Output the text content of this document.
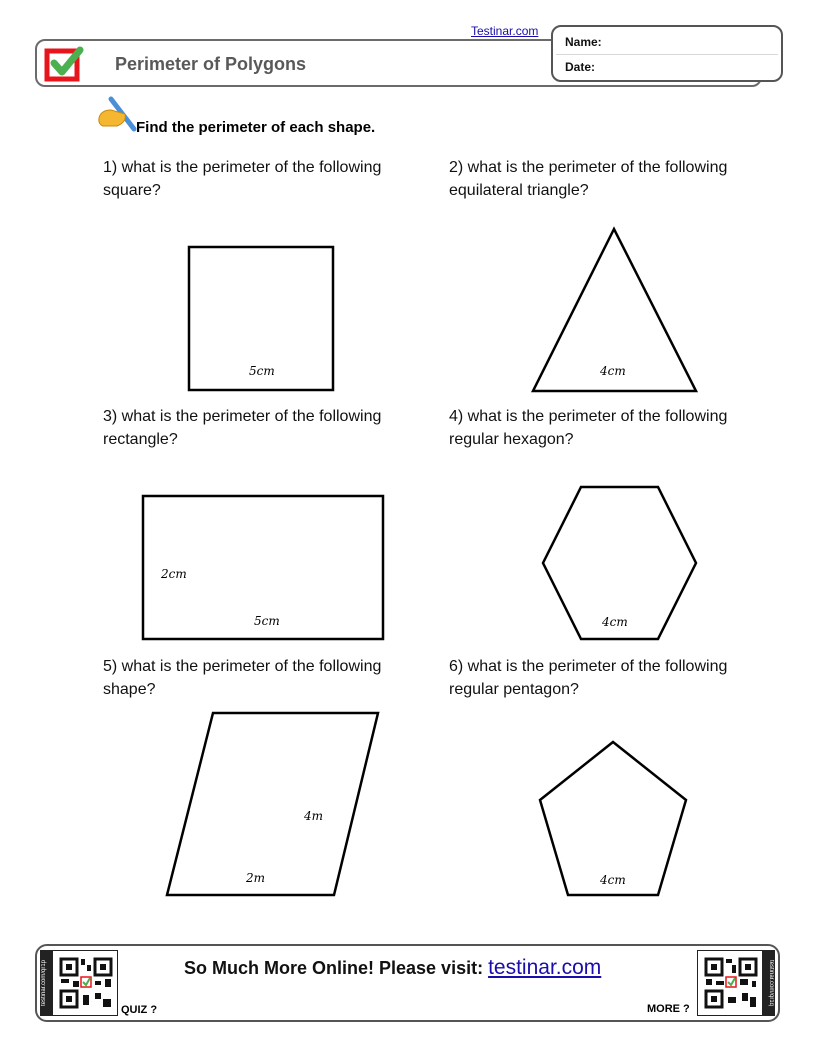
Perimeter of Polygons
Testinar.com
Name:
Date:
Find the perimeter of each shape.
1) what is the perimeter of the following square?
2) what is the perimeter of the following equilateral triangle?
3) what is the perimeter of the following rectangle?
4) what is the perimeter of the following regular hexagon?
5) what is the perimeter of the following shape?
6) what is the perimeter of the following regular pentagon?
5cm	4cm
2cm
5cm	4cm
4m
2m	4cm
testinar.com/qr1p
QUIZ ?
So Much More Online! Please visit: testinar.com
MORE ?
testinar.com/qr1q
